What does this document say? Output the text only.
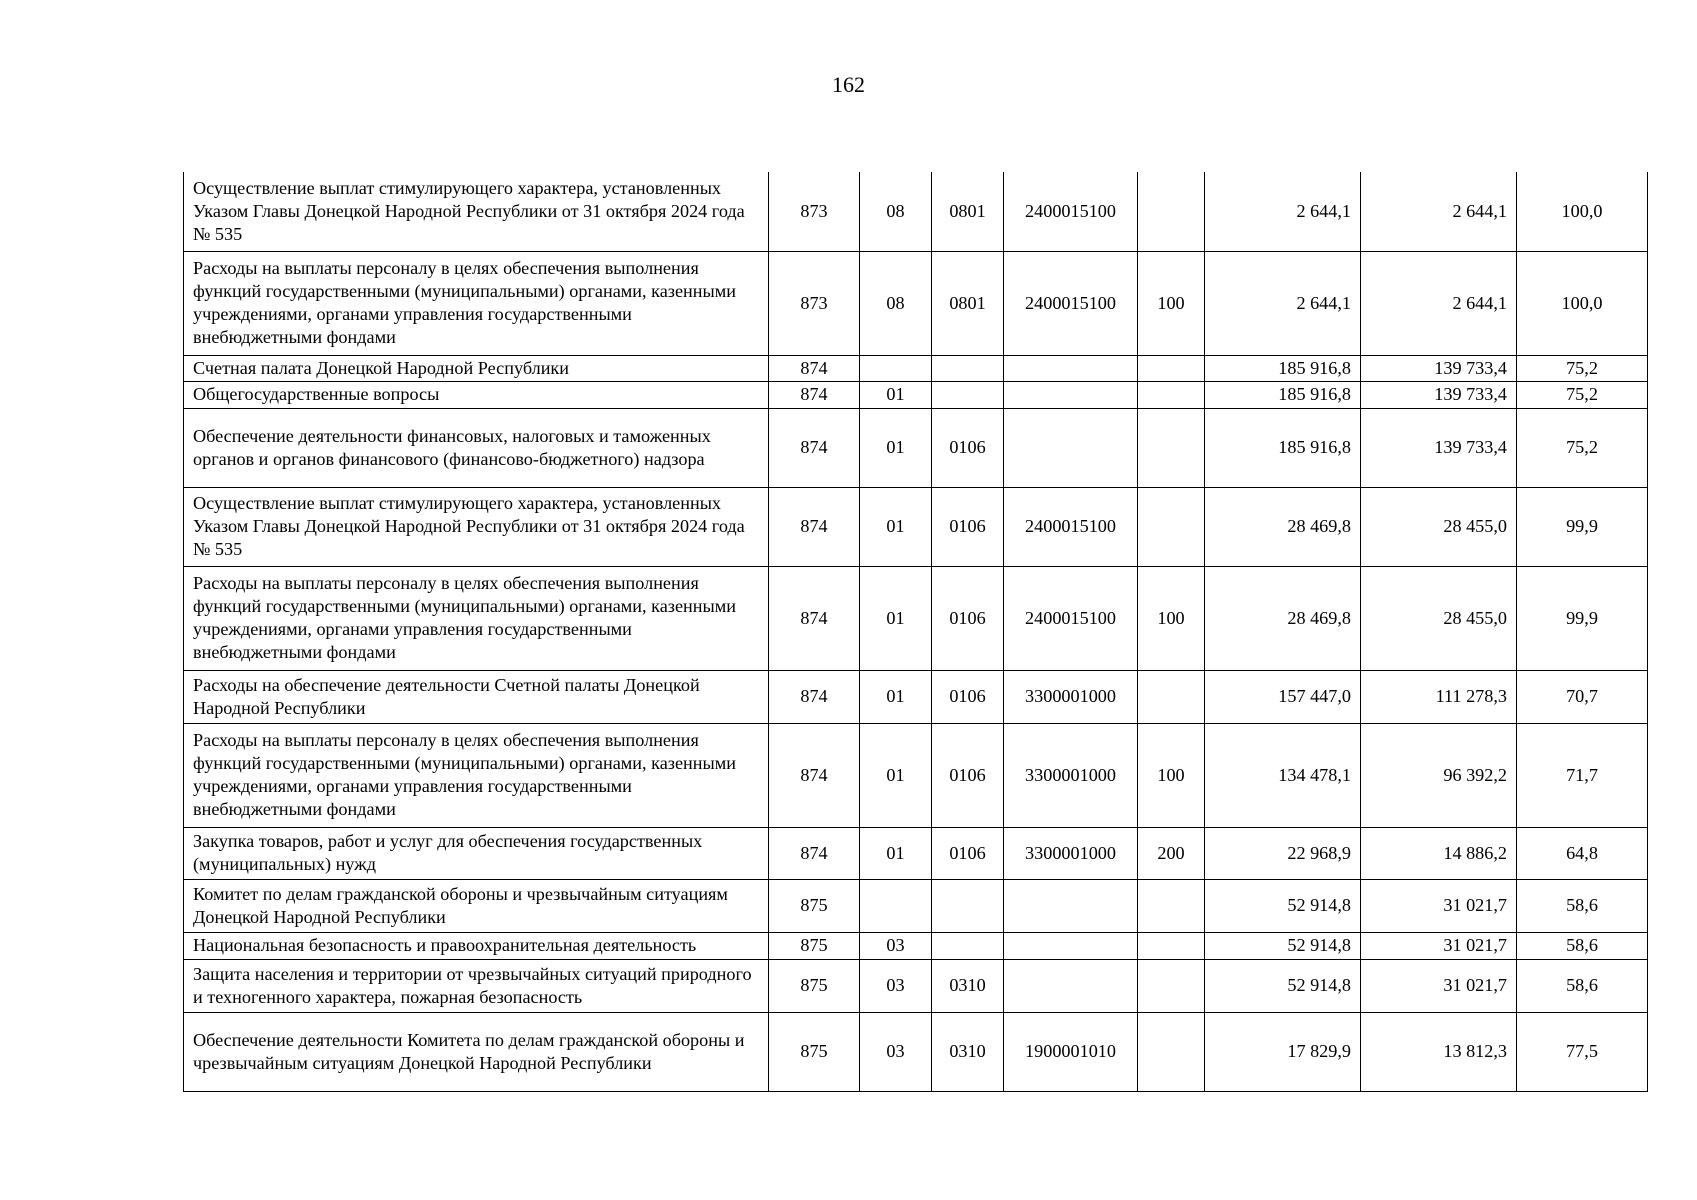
162
Осуществление выплат стимулирующего характера, установленных Указом Главы Донецкой Народной Республики от 31 октября 2024 года № 535	873	08	0801	2400015100		2 644,1	2 644,1	100,0
Расходы на выплаты персоналу в целях обеспечения выполнения функций государственными (муниципальными) органами, казенными учреждениями, органами управления государственными внебюджетными фондами	873	08	0801	2400015100	100	2 644,1	2 644,1	100,0
Счетная палата Донецкой Народной Республики	874					185 916,8	139 733,4	75,2
Общегосударственные вопросы	874	01				185 916,8	139 733,4	75,2
Обеспечение деятельности финансовых, налоговых и таможенных органов и органов финансового (финансово-бюджетного) надзора	874	01	0106			185 916,8	139 733,4	75,2
Осуществление выплат стимулирующего характера, установленных Указом Главы Донецкой Народной Республики от 31 октября 2024 года № 535	874	01	0106	2400015100		28 469,8	28 455,0	99,9
Расходы на выплаты персоналу в целях обеспечения выполнения функций государственными (муниципальными) органами, казенными учреждениями, органами управления государственными внебюджетными фондами	874	01	0106	2400015100	100	28 469,8	28 455,0	99,9
Расходы на обеспечение деятельности Счетной палаты Донецкой Народной Республики	874	01	0106	3300001000		157 447,0	111 278,3	70,7
Расходы на выплаты персоналу в целях обеспечения выполнения функций государственными (муниципальными) органами, казенными учреждениями, органами управления государственными внебюджетными фондами	874	01	0106	3300001000	100	134 478,1	96 392,2	71,7
Закупка товаров, работ и услуг для обеспечения государственных (муниципальных) нужд	874	01	0106	3300001000	200	22 968,9	14 886,2	64,8
Комитет по делам гражданской обороны и чрезвычайным ситуациям Донецкой Народной Республики	875					52 914,8	31 021,7	58,6
Национальная безопасность и правоохранительная деятельность	875	03				52 914,8	31 021,7	58,6
Защита населения и территории от чрезвычайных ситуаций природного и техногенного характера, пожарная безопасность	875	03	0310			52 914,8	31 021,7	58,6
Обеспечение деятельности Комитета по делам гражданской обороны и чрезвычайным ситуациям Донецкой Народной Республики	875	03	0310	1900001010		17 829,9	13 812,3	77,5
